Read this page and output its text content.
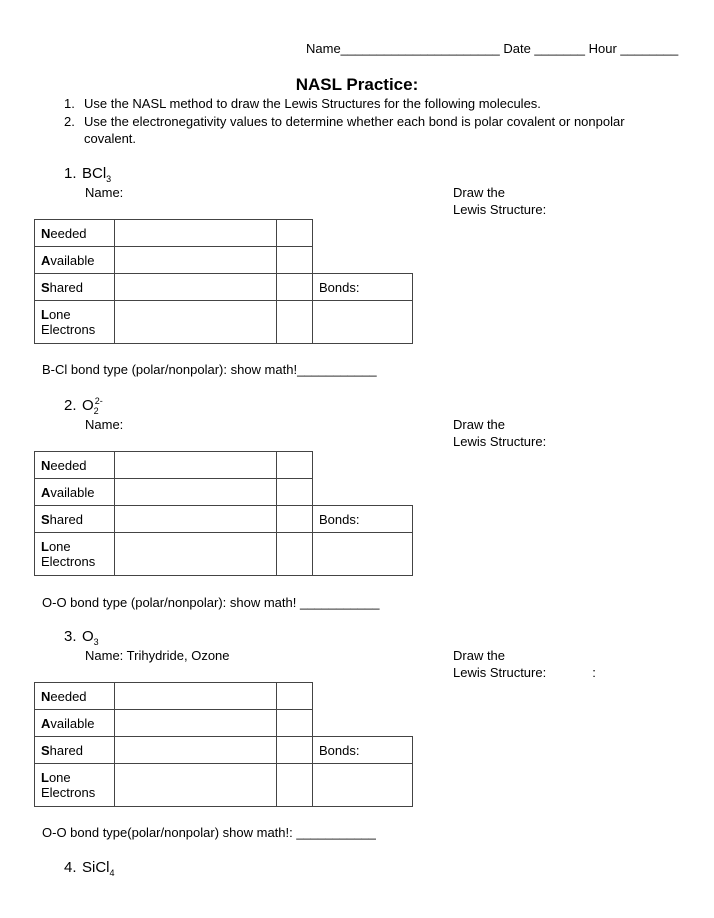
Name______________________ Date _______ Hour ________
NASL Practice:
1. Use the NASL method to draw the Lewis Structures for the following molecules.
2. Use the electronegativity values to determine whether each bond is polar covalent or nonpolar
covalent.
1. BCl$_3$
Name:	Draw the
Lewis Structure:
Needed			
Available			
Shared			Bonds:
Lone
Electrons			
B-Cl bond type (polar/nonpolar): show math!___________
2. $O_2^{2-}$
Name:	Draw the
Lewis Structure:
Needed			
Available			
Shared			Bonds:
Lone
Electrons			
O-O bond type (polar/nonpolar): show math! ___________
3. $O_3$
Name: Trihydride, Ozone	Draw the
Lewis Structure:	:
Needed			
Available			
Shared			Bonds:
Lone
Electrons			
O-O bond type(polar/nonpolar) show math!: ___________
4. SiCl$_4$
